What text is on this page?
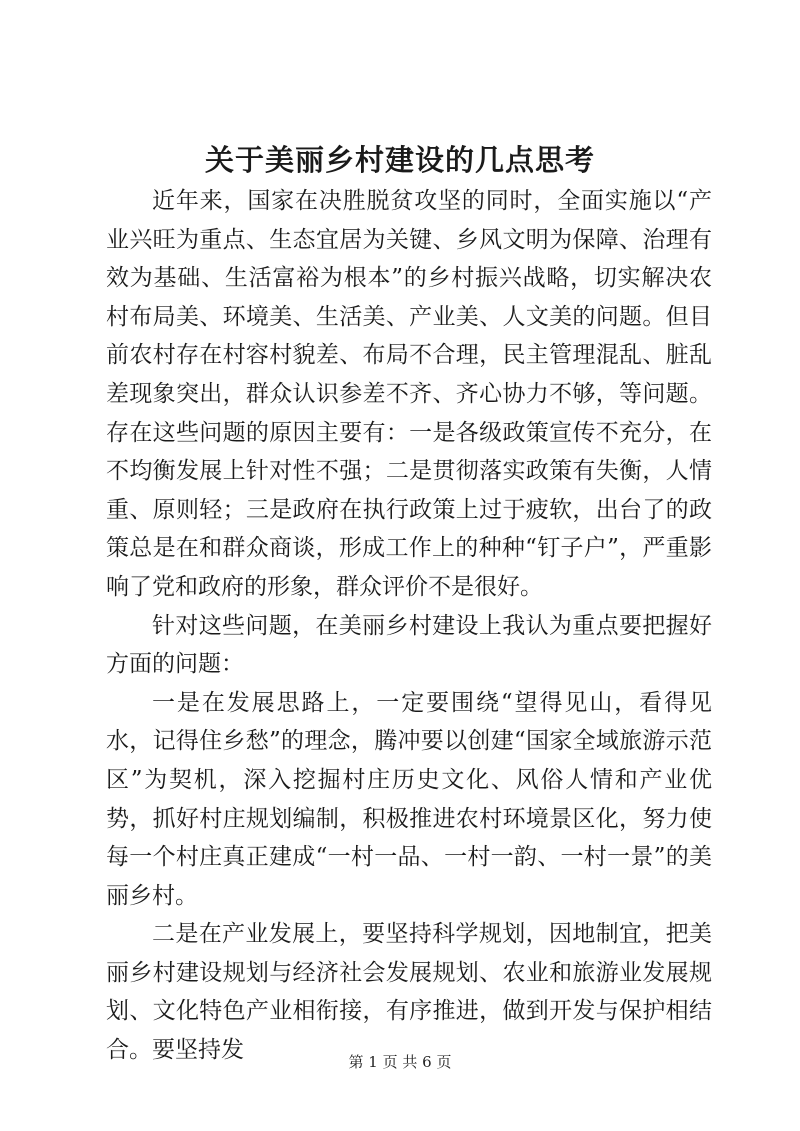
关于美丽乡村建设的几点思考

近年来，国家在决胜脱贫攻坚的同时，全面实施以“产业兴旺为重点、生态宜居为关键、乡风文明为保障、治理有效为基础、生活富裕为根本”的乡村振兴战略，切实解决农村布局美、环境美、生活美、产业美、人文美的问题。但目前农村存在村容村貌差、布局不合理，民主管理混乱、脏乱差现象突出，群众认识参差不齐、齐心协力不够，等问题。存在这些问题的原因主要有：一是各级政策宣传不充分，在不均衡发展上针对性不强；二是贯彻落实政策有失衡，人情重、原则轻；三是政府在执行政策上过于疲软，出台了的政策总是在和群众商谈，形成工作上的种种“钉子户”，严重影响了党和政府的形象，群众评价不是很好。

针对这些问题，在美丽乡村建设上我认为重点要把握好方面的问题：

一是在发展思路上，一定要围绕“望得见山，看得见水，记得住乡愁”的理念，腾冲要以创建“国家全域旅游示范区”为契机，深入挖掘村庄历史文化、风俗人情和产业优势，抓好村庄规划编制，积极推进农村环境景区化，努力使每一个村庄真正建成“一村一品、一村一韵、一村一景”的美丽乡村。

二是在产业发展上，要坚持科学规划，因地制宜，把美丽乡村建设规划与经济社会发展规划、农业和旅游业发展规划、文化特色产业相衔接，有序推进，做到开发与保护相结合。要坚持发	第 1 页 共 6 页
